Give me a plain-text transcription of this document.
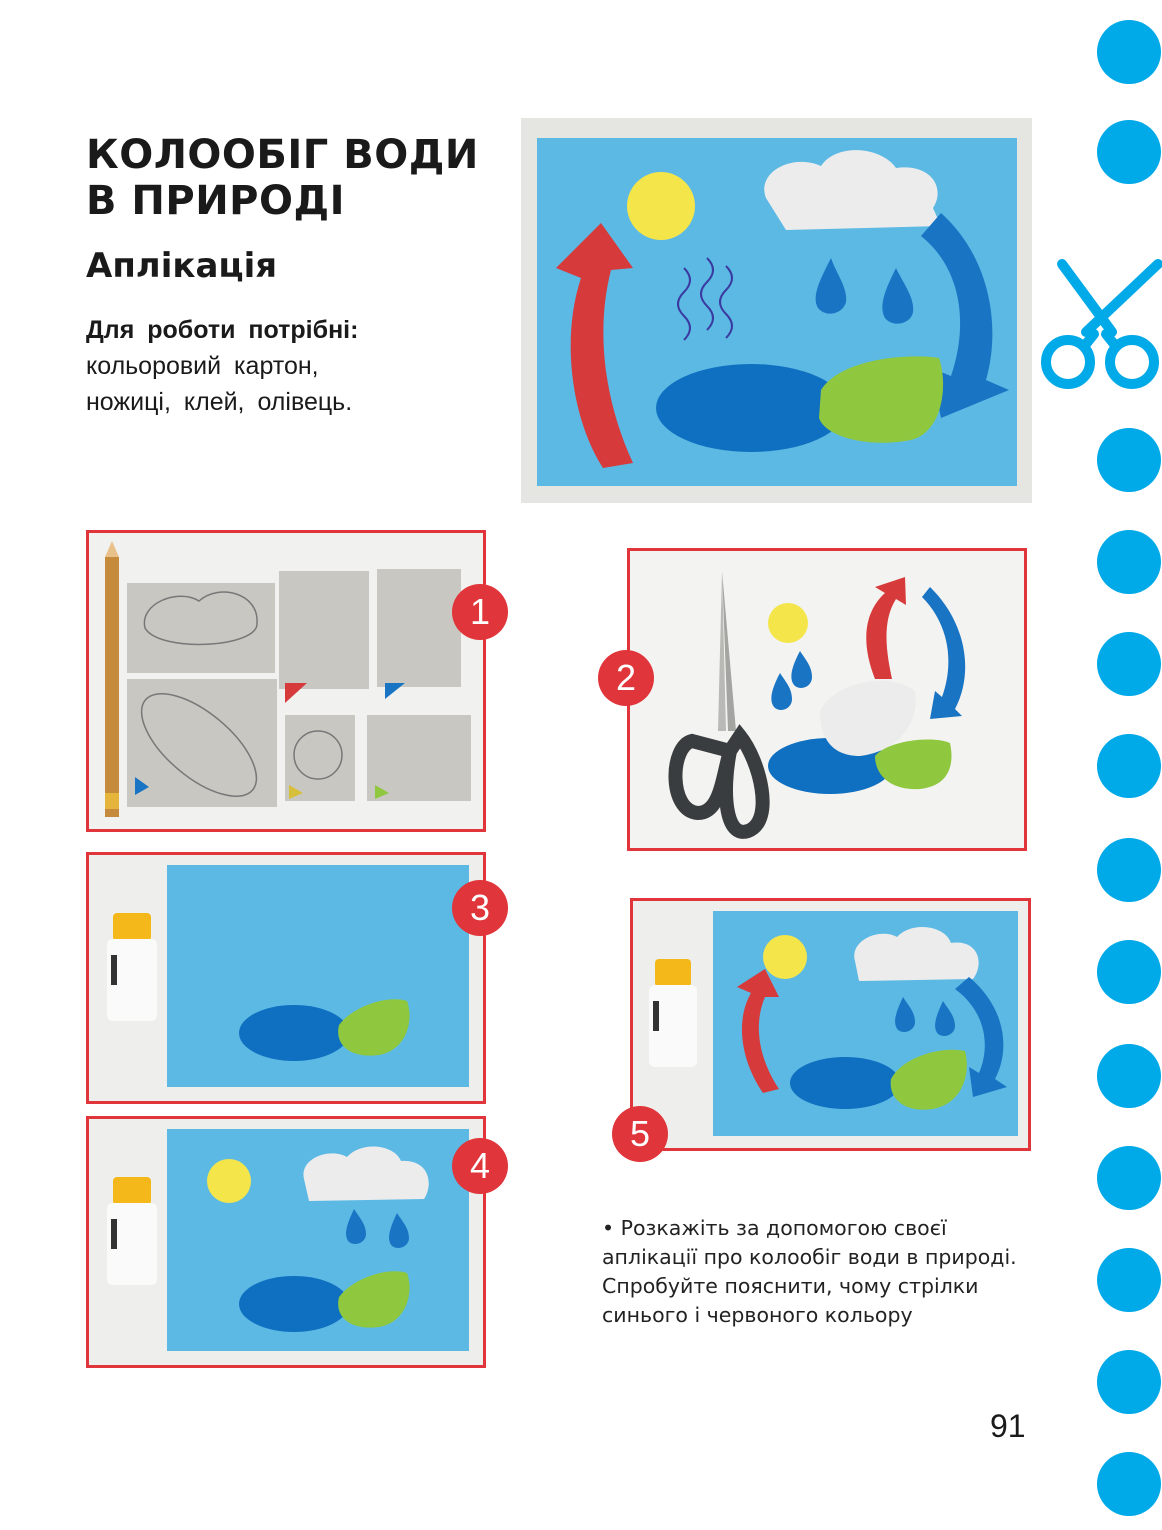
КОЛООБІГ ВОДИ
В ПРИРОДІ
Аплікація
Для роботи потрібні:
кольоровий картон,
ножиці, клей, олівець.
1
2
3
4
5
• Розкажіть за допомогою своєї
аплікації про колообіг води в природі.
Спробуйте пояснити, чому стрілки
синього і червоного кольору
91
